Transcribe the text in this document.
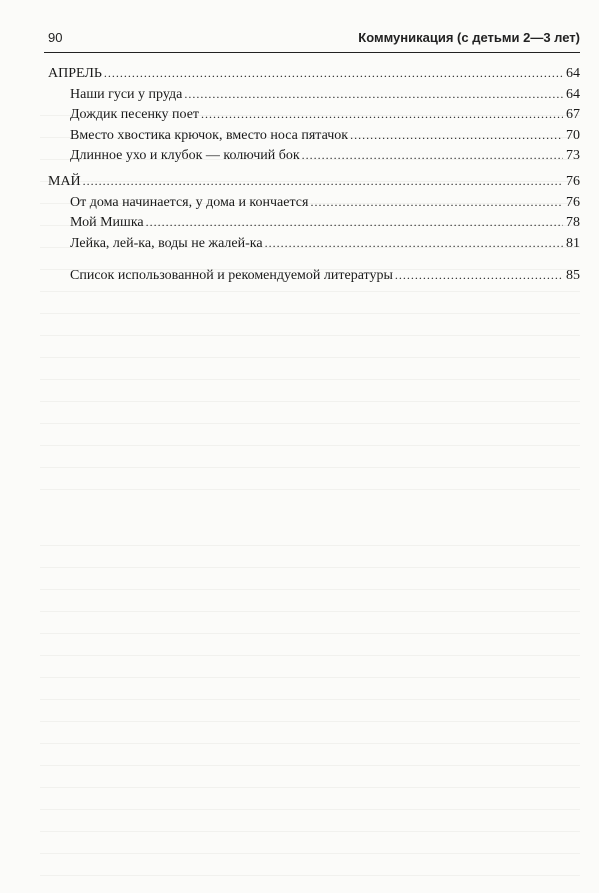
90	Коммуникация (с детьми 2—3 лет)
АПРЕЛЬ .....	64
Наши гуси у пруда .....	64
Дождик песенку поет .....	67
Вместо хвостика крючок, вместо носа пятачок .....	70
Длинное ухо и клубок — колючий бок .....	73
МАЙ .....	76
От дома начинается, у дома и кончается .....	76
Мой Мишка .....	78
Лейка, лей-ка, воды не жалей-ка .....	81
Список использованной и рекомендуемой литературы .....	85
